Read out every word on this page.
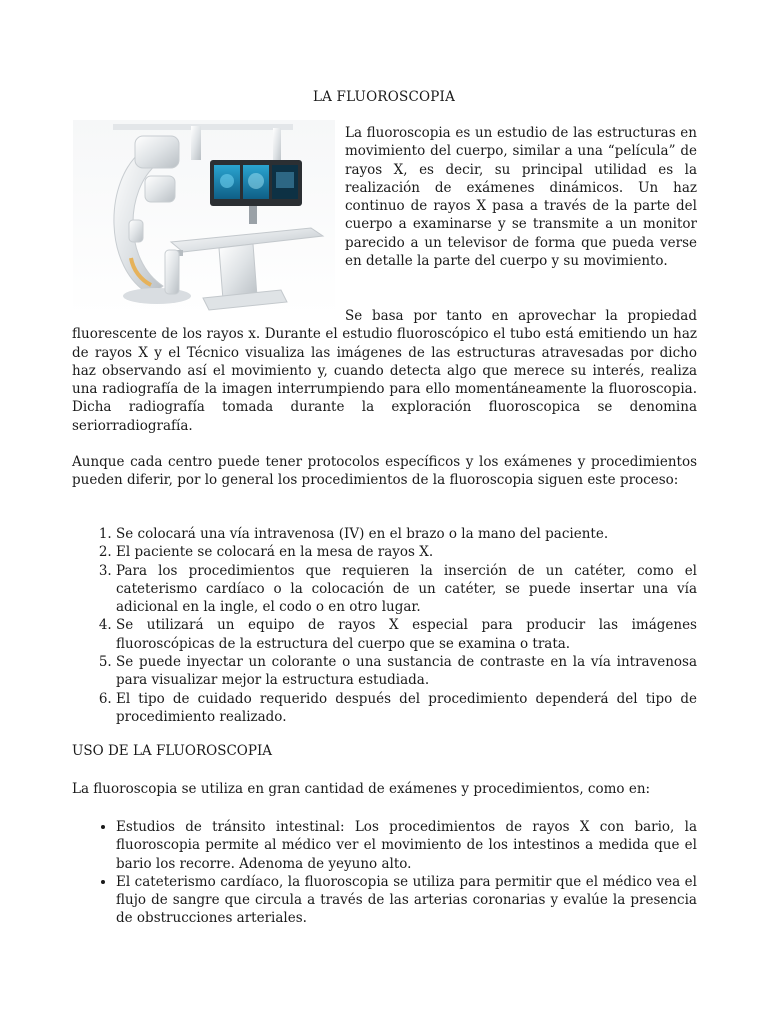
LA FLUOROSCOPIA

La fluoroscopia es un estudio de las estructuras en movimiento del cuerpo, similar a una “película” de rayos X, es decir, su principal utilidad es la realización de exámenes dinámicos. Un haz continuo de rayos X pasa a través de la parte del cuerpo a examinarse y se transmite a un monitor parecido a un televisor de forma que pueda verse en detalle la parte del cuerpo y su movimiento.

Se basa por tanto en aprovechar la propiedad fluorescente de los rayos x. Durante el estudio fluoroscópico el tubo está emitiendo un haz de rayos X y el Técnico visualiza las imágenes de las estructuras atravesadas por dicho haz observando así el movimiento y, cuando detecta algo que merece su interés, realiza una radiografía de la imagen interrumpiendo para ello momentáneamente la fluoroscopia. Dicha radiografía tomada durante la exploración fluoroscopica se denomina seriorradiografía.

Aunque cada centro puede tener protocolos específicos y los exámenes y procedimientos pueden diferir, por lo general los procedimientos de la fluoroscopia siguen este proceso:

1. Se colocará una vía intravenosa (IV) en el brazo o la mano del paciente.
2. El paciente se colocará en la mesa de rayos X.
3. Para los procedimientos que requieren la inserción de un catéter, como el cateterismo cardíaco o la colocación de un catéter, se puede insertar una vía adicional en la ingle, el codo o en otro lugar.
4. Se utilizará un equipo de rayos X especial para producir las imágenes fluoroscópicas de la estructura del cuerpo que se examina o trata.
5. Se puede inyectar un colorante o una sustancia de contraste en la vía intravenosa para visualizar mejor la estructura estudiada.
6. El tipo de cuidado requerido después del procedimiento dependerá del tipo de procedimiento realizado.

USO DE LA FLUOROSCOPIA

La fluoroscopia se utiliza en gran cantidad de exámenes y procedimientos, como en:

• Estudios de tránsito intestinal: Los procedimientos de rayos X con bario, la fluoroscopia permite al médico ver el movimiento de los intestinos a medida que el bario los recorre. Adenoma de yeyuno alto.
• El cateterismo cardíaco, la fluoroscopia se utiliza para permitir que el médico vea el flujo de sangre que circula a través de las arterias coronarias y evalúe la presencia de obstrucciones arteriales.
